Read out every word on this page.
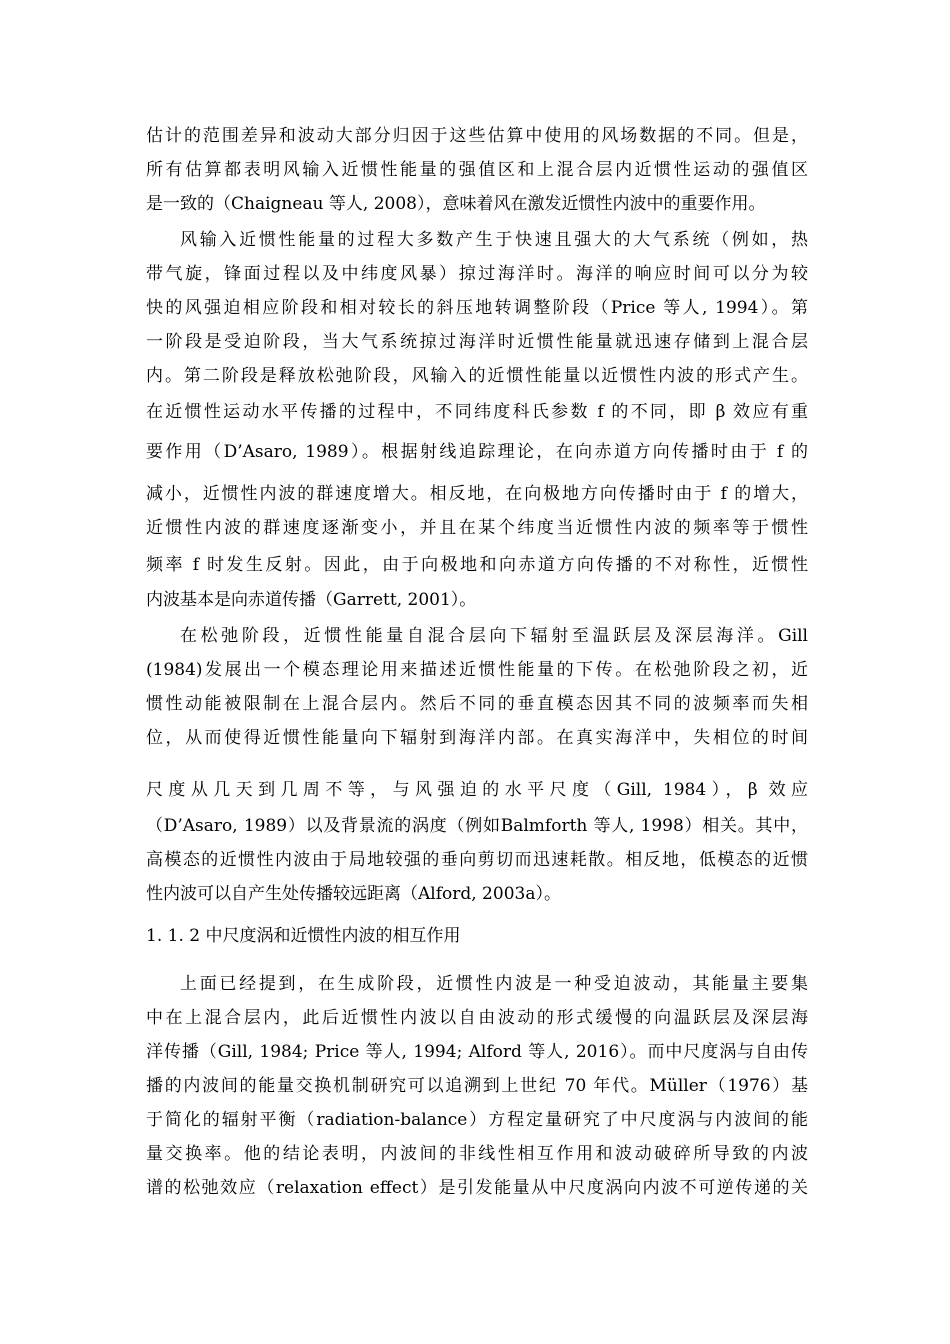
估计的范围差异和波动大部分归因于这些估算中使用的风场数据的不同。但是，
所有估算都表明风输入近惯性能量的强值区和上混合层内近惯性运动的强值区
是一致的（Chaigneau 等人, 2008），意味着风在激发近惯性内波中的重要作用。
风输入近惯性能量的过程大多数产生于快速且强大的大气系统（例如，热
带气旋，锋面过程以及中纬度风暴）掠过海洋时。海洋的响应时间可以分为较
快的风强迫相应阶段和相对较长的斜压地转调整阶段（Price 等人, 1994）。第
一阶段是受迫阶段，当大气系统掠过海洋时近惯性能量就迅速存储到上混合层
内。第二阶段是释放松弛阶段，风输入的近惯性能量以近惯性内波的形式产生。
在近惯性运动水平传播的过程中，不同纬度科氏参数 f 的不同，即 β 效应有重
要作用（D’Asaro, 1989）。根据射线追踪理论，在向赤道方向传播时由于 f 的
减小，近惯性内波的群速度增大。相反地，在向极地方向传播时由于 f 的增大，
近惯性内波的群速度逐渐变小，并且在某个纬度当近惯性内波的频率等于惯性
频率 f 时发生反射。因此，由于向极地和向赤道方向传播的不对称性，近惯性
内波基本是向赤道传播（Garrett, 2001）。
在松弛阶段，近惯性能量自混合层向下辐射至温跃层及深层海洋。Gill
(1984)发展出一个模态理论用来描述近惯性能量的下传。在松弛阶段之初，近
惯性动能被限制在上混合层内。然后不同的垂直模态因其不同的波频率而失相
位，从而使得近惯性能量向下辐射到海洋内部。在真实海洋中，失相位的时间
尺度从几天到几周不等，与风强迫的水平尺度（Gill, 1984），β 效应
（D’Asaro, 1989）以及背景流的涡度（例如Balmforth 等人, 1998）相关。其中，
高模态的近惯性内波由于局地较强的垂向剪切而迅速耗散。相反地，低模态的近惯
性内波可以自产生处传播较远距离（Alford, 2003a）。
1. 1. 2 中尺度涡和近惯性内波的相互作用
上面已经提到，在生成阶段，近惯性内波是一种受迫波动，其能量主要集
中在上混合层内，此后近惯性内波以自由波动的形式缓慢的向温跃层及深层海
洋传播（Gill, 1984; Price 等人, 1994; Alford 等人, 2016）。而中尺度涡与自由传
播的内波间的能量交换机制研究可以追溯到上世纪 70 年代。Müller（1976）基
于简化的辐射平衡（radiation-balance）方程定量研究了中尺度涡与内波间的能
量交换率。他的结论表明，内波间的非线性相互作用和波动破碎所导致的内波
谱的松弛效应（relaxation effect）是引发能量从中尺度涡向内波不可逆传递的关
